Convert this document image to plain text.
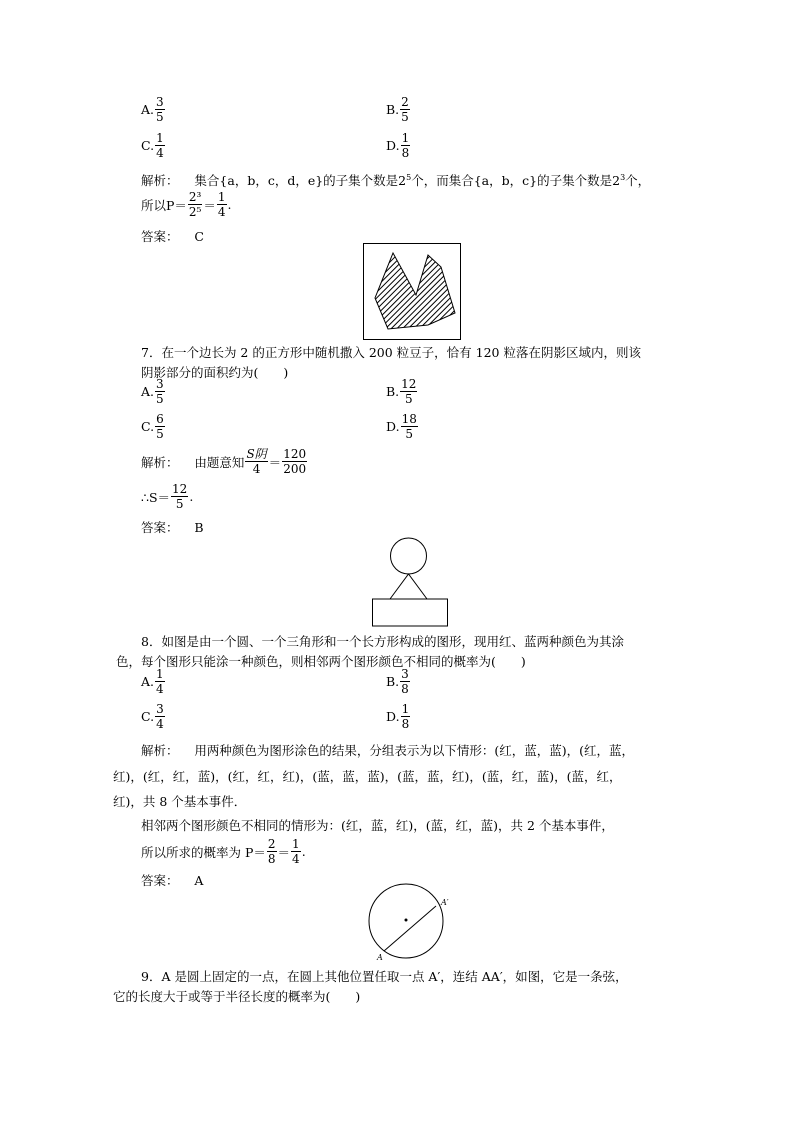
A. $\frac{3}{5}$	B. $\frac{2}{5}$
C. $\frac{1}{4}$	D. $\frac{1}{8}$
解析： 集合{a，b，c，d，e}的子集个数是$2^5$个，而集合{a，b，c}的子集个数是$2^3$个，
所以$P= \frac{\text{2³}}{\text{2⁵}} = \frac{1}{4}$ .
答案： C
7．在一个边长为 2 的正方形中随机撒入 200 粒豆子，恰有 120 粒落在阴影区域内，则该
阴影部分的面积约为(　　)
A. $\frac{3}{5}$	B. $\frac{12}{5}$
C. $\frac{6}{5}$	D. $\frac{18}{5}$
解析：
由题意知 $\frac{\text{S阴}}{4} = \frac{120}{200}$
∴S＝ $\frac{12}{5}$ .
答案： B
8．如图是由一个圆、一个三角形和一个长方形构成的图形，现用红、蓝两种颜色为其涂
色，每个图形只能涂一种颜色，则相邻两个图形颜色不相同的概率为(　　)
A. $\frac{1}{4}$	B. $\frac{3}{8}$
C. $\frac{3}{4}$	D. $\frac{1}{8}$
解析： 用两种颜色为图形涂色的结果，分组表示为以下情形：(红，蓝，蓝)，(红，蓝，
红)，(红，红，蓝)，(红，红，红)，(蓝，蓝，蓝)，(蓝，蓝，红)，(蓝，红，蓝)，(蓝，红，
红)，共 8 个基本事件．
相邻两个图形颜色不相同的情形为：(红，蓝，红)，(蓝，红，蓝)，共 2 个基本事件，
所以所求的概率为 $P= \frac{2}{8} = \frac{1}{4}$ .
答案： A
A
A′
9．A 是圆上固定的一点，在圆上其他位置任取一点 A′，连结 AA′，如图，它是一条弦，
它的长度大于或等于半径长度的概率为(　　)
